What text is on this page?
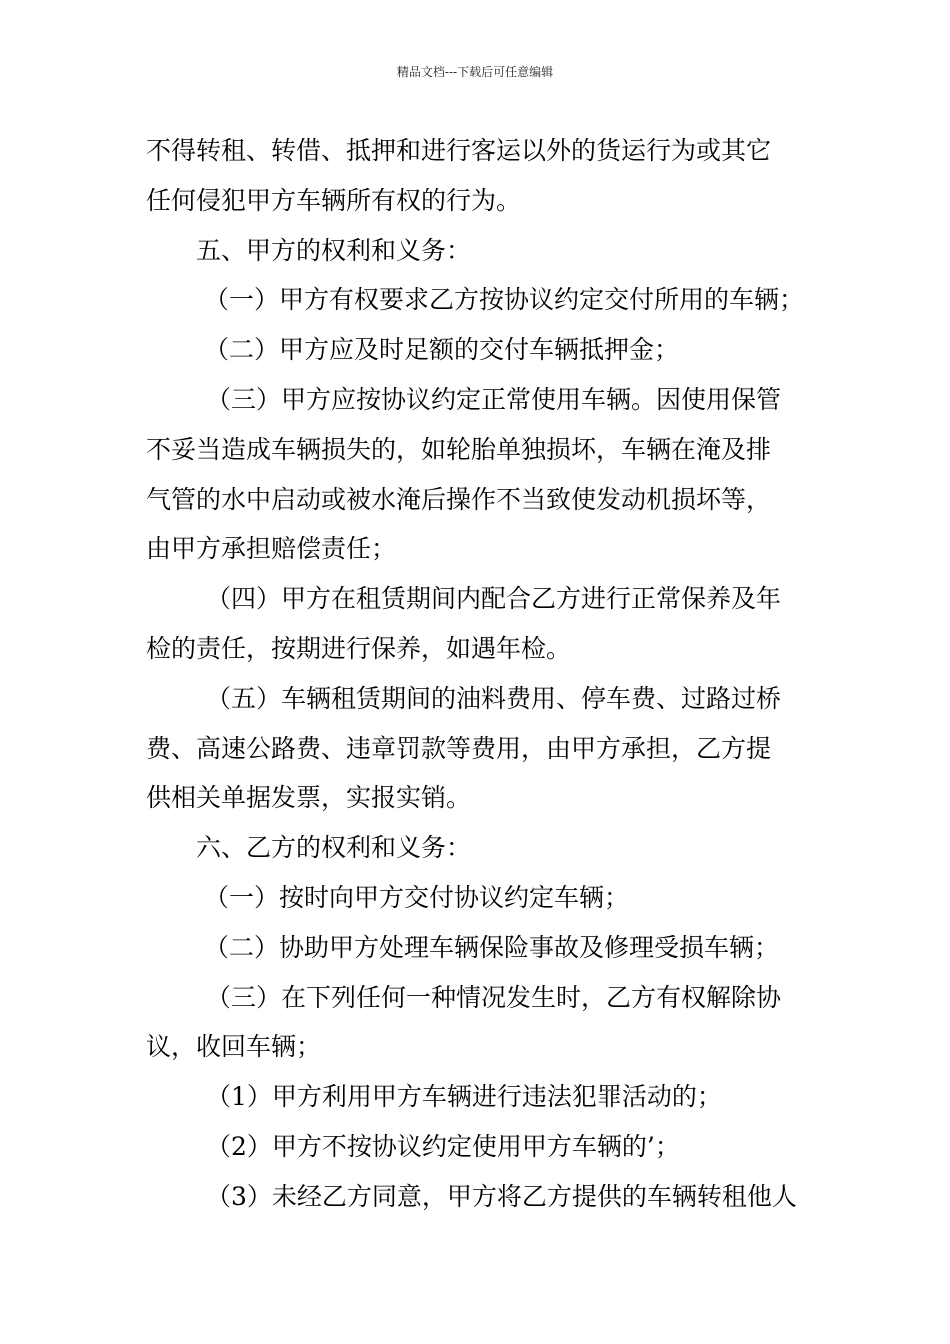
精品文档---下载后可任意编辑
不得转租、转借、抵押和进行客运以外的货运行为或其它
任何侵犯甲方车辆所有权的行为。
五、甲方的权利和义务：
（一）甲方有权要求乙方按协议约定交付所用的车辆；
（二）甲方应及时足额的交付车辆抵押金；
（三）甲方应按协议约定正常使用车辆。因使用保管
不妥当造成车辆损失的，如轮胎单独损坏，车辆在淹及排
气管的水中启动或被水淹后操作不当致使发动机损坏等，
由甲方承担赔偿责任；
（四）甲方在租赁期间内配合乙方进行正常保养及年
检的责任，按期进行保养，如遇年检。
（五）车辆租赁期间的油料费用、停车费、过路过桥
费、高速公路费、违章罚款等费用，由甲方承担，乙方提
供相关单据发票，实报实销。
六、乙方的权利和义务：
（一）按时向甲方交付协议约定车辆；
（二）协助甲方处理车辆保险事故及修理受损车辆；
（三）在下列任何一种情况发生时，乙方有权解除协
议，收回车辆；
（1）甲方利用甲方车辆进行违法犯罪活动的；
（2）甲方不按协议约定使用甲方车辆的’；
（3）未经乙方同意，甲方将乙方提供的车辆转租他人
